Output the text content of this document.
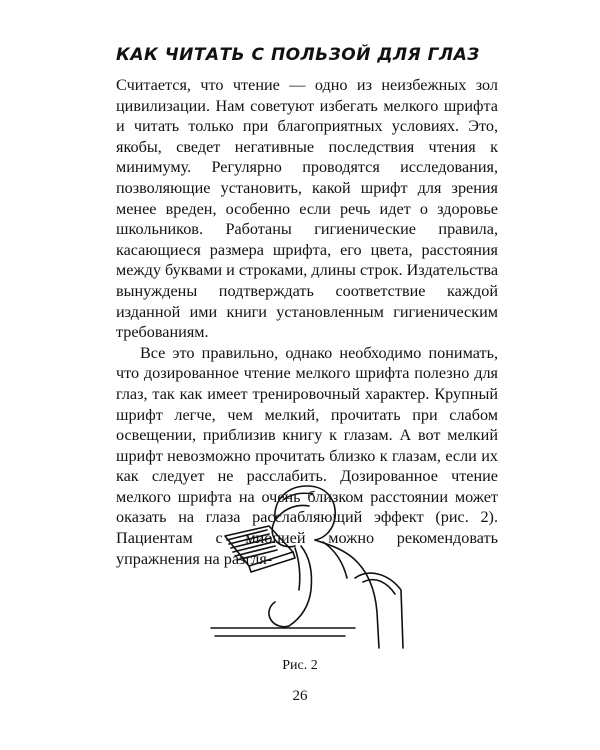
КАК ЧИТАТЬ С ПОЛЬЗОЙ ДЛЯ ГЛАЗ

Считается, что чтение — одно из неизбежных зол цивилизации. Нам советуют избегать мелкого шрифта и читать только при благоприятных условиях. Это, якобы, сведет негативные последствия чтения к минимуму. Регулярно проводятся исследования, позволяющие установить, какой шрифт для зрения менее вреден, особенно если речь идет о здоровье школьников. Работаны гигиенические правила, касающиеся размера шрифта, его цвета, расстояния между буквами и строками, длины строк. Издательства вынуждены подтверждать соответствие каждой изданной ими книги установленным гигиеническим требованиям.

Все это правильно, однако необходимо понимать, что дозированное чтение мелкого шрифта полезно для глаз, так как имеет тренировочный характер. Крупный шрифт легче, чем мелкий, прочитать при слабом освещении, приблизив книгу к глазам. А вот мелкий шрифт невозможно прочитать близко к глазам, если их как следует не расслабить. Дозированное чтение мелкого шрифта на очень близком расстоянии может оказать на глаза расслабляющий эффект (рис. 2). Пациентам с миопией можно рекомендовать упражнения на разгля-

Рис. 2
26
